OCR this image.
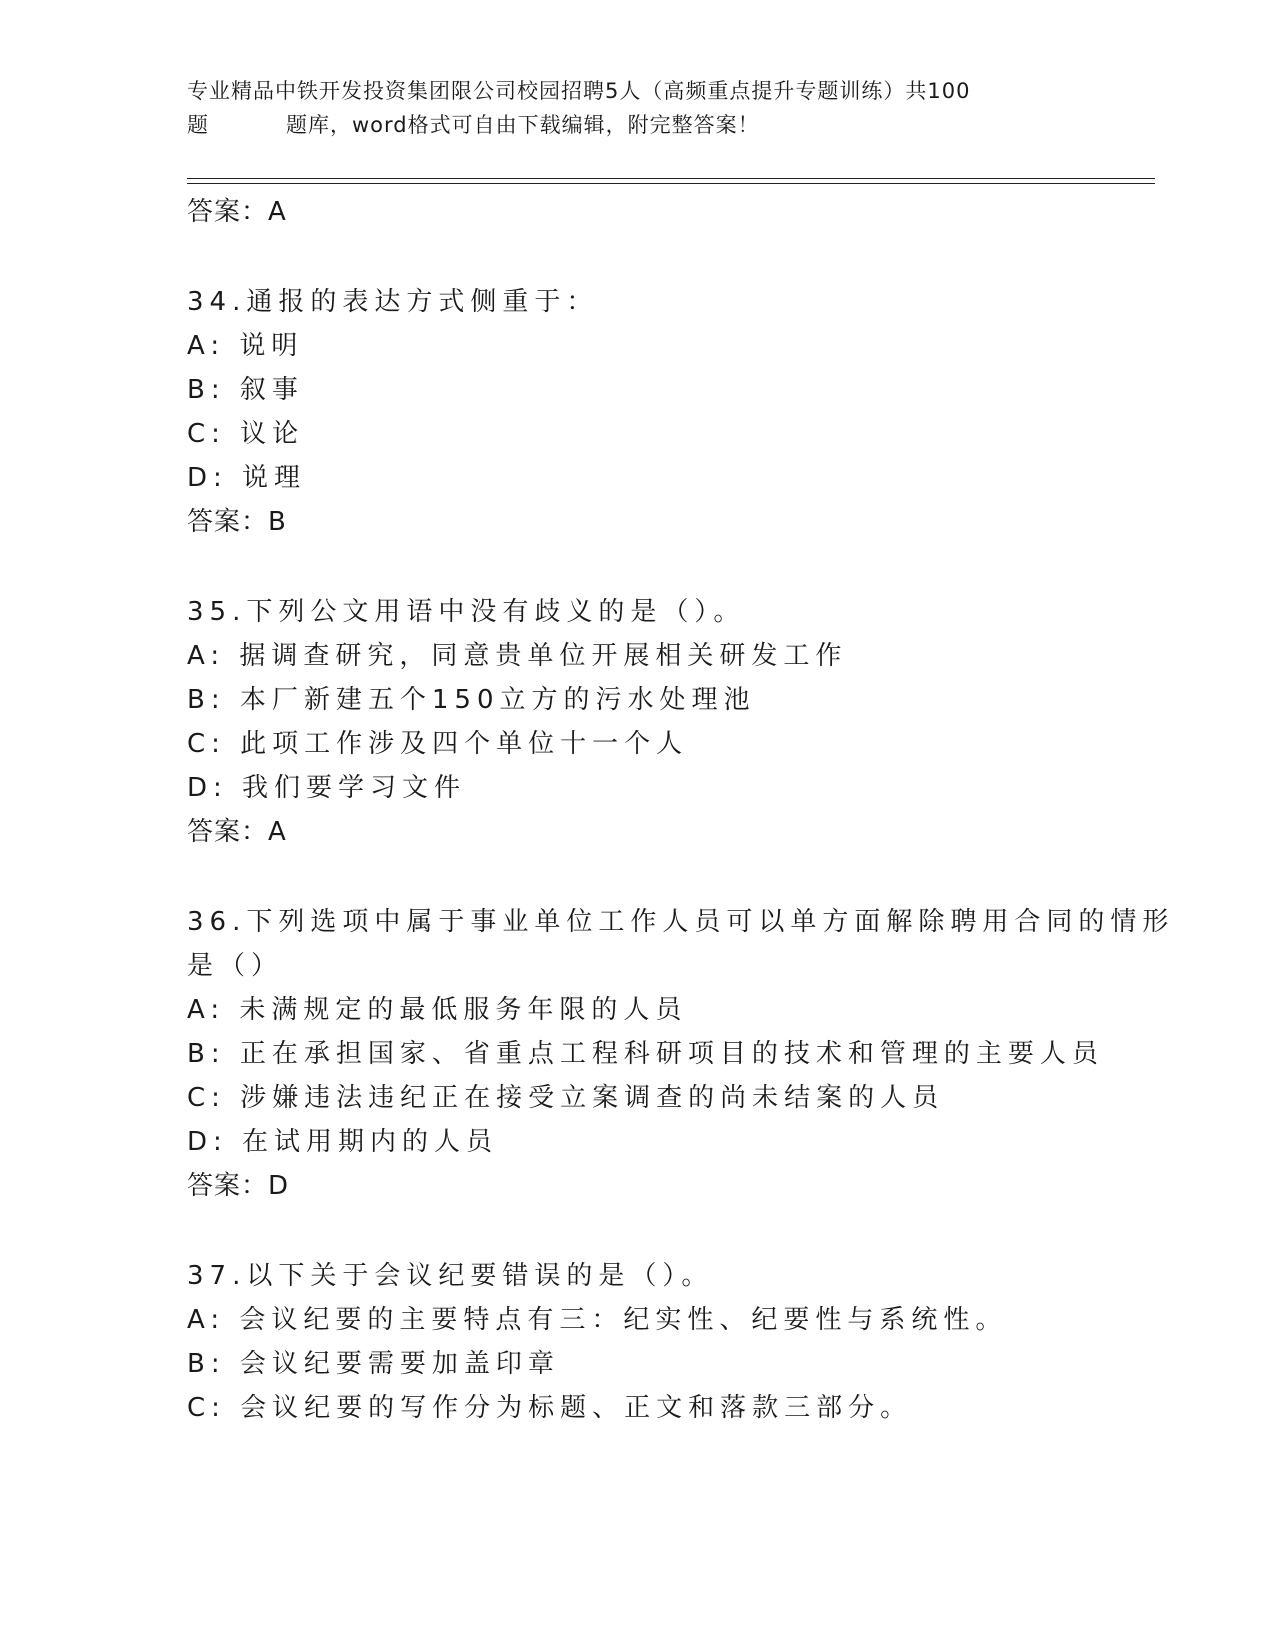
专业精品中铁开发投资集团限公司校园招聘5人（高频重点提升专题训练）共100
题	题库，word格式可自由下载编辑，附完整答案！
答案：A
34.通报的表达方式侧重于：
A: 说明
B: 叙事
C: 议论
D: 说理
答案：B
35.下列公文用语中没有歧义的是（）。
A: 据调查研究，同意贵单位开展相关研发工作
B: 本厂新建五个150立方的污水处理池
C: 此项工作涉及四个单位十一个人
D: 我们要学习文件
答案：A
36.下列选项中属于事业单位工作人员可以单方面解除聘用合同的情形
是（）
A: 未满规定的最低服务年限的人员
B: 正在承担国家、省重点工程科研项目的技术和管理的主要人员
C: 涉嫌违法违纪正在接受立案调查的尚未结案的人员
D: 在试用期内的人员
答案：D
37.以下关于会议纪要错误的是（）。
A: 会议纪要的主要特点有三：纪实性、纪要性与系统性。
B: 会议纪要需要加盖印章
C: 会议纪要的写作分为标题、正文和落款三部分。
